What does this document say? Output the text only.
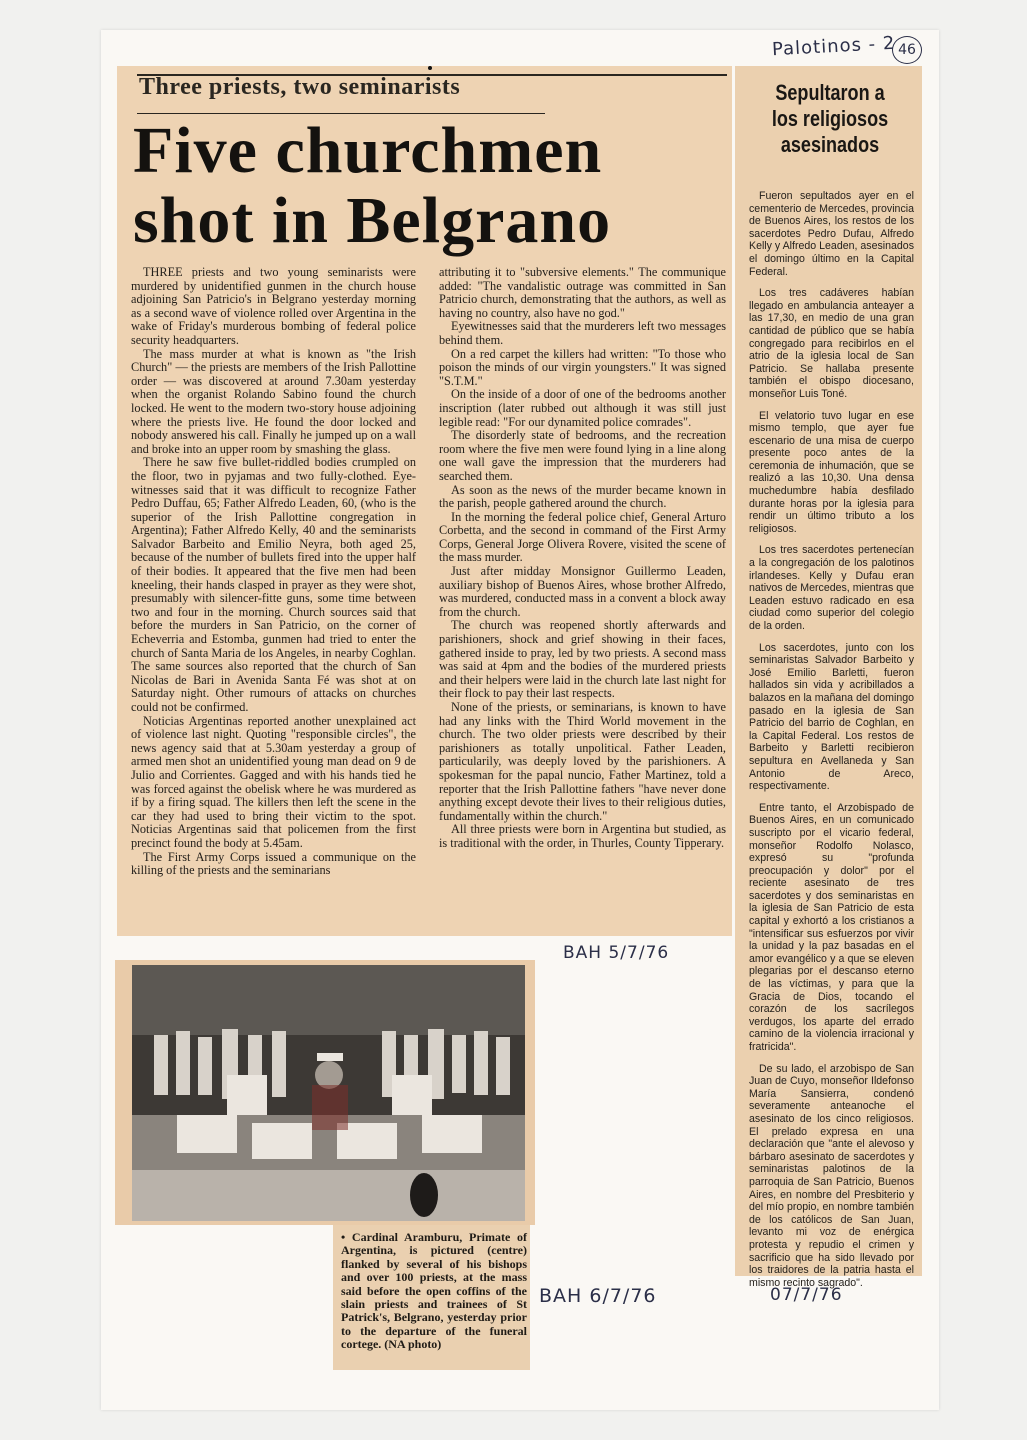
Palotinos - 2 46
BAH 5/7/76
BAH 6/7/76	07/7/76
Three priests, two seminarists
Five churchmen shot in Belgrano

THREE priests and two young seminarists were murdered by unidentified gunmen in the church house adjoining San Patricio's in Belgrano yesterday morning as a second wave of violence rolled over Argentina in the wake of Friday's murderous bombing of federal police security headquarters.

The mass murder at what is known as "the Irish Church" — the priests are members of the Irish Pallottine order — was discovered at around 7.30am yesterday when the organist Rolando Sabino found the church locked. He went to the modern two-story house adjoining where the priests live. He found the door locked and nobody answered his call. Finally he jumped up on a wall and broke into an upper room by smashing the glass.

There he saw five bullet-riddled bodies crumpled on the floor, two in pyjamas and two fully-clothed. Eye-witnesses said that it was difficult to recognize Father Pedro Duffau, 65; Father Alfredo Leaden, 60, (who is the superior of the Irish Pallottine congregation in Argentina); Father Alfredo Kelly, 40 and the seminarists Salvador Barbeito and Emilio Neyra, both aged 25, because of the number of bullets fired into the upper half of their bodies. It appeared that the five men had been kneeling, their hands clasped in prayer as they were shot, presumably with silencer-fitte guns, some time between two and four in the morning. Church sources said that before the murders in San Patricio, on the corner of Echeverria and Estomba, gunmen had tried to enter the church of Santa Maria de los Angeles, in nearby Coghlan. The same sources also reported that the church of San Nicolas de Bari in Avenida Santa Fé was shot at on Saturday night. Other rumours of attacks on churches could not be confirmed.

Noticias Argentinas reported another unexplained act of violence last night. Quoting "responsible circles", the news agency said that at 5.30am yesterday a group of armed men shot an unidentified young man dead on 9 de Julio and Corrientes. Gagged and with his hands tied he was forced against the obelisk where he was murdered as if by a firing squad. The killers then left the scene in the car they had used to bring their victim to the spot. Noticias Argentinas said that policemen from the first precinct found the body at 5.45am.

The First Army Corps issued a communique on the killing of the priests and the seminarians

attributing it to "subversive elements." The communique added: "The vandalistic outrage was committed in San Patricio church, demonstrating that the authors, as well as having no country, also have no god."

Eyewitnesses said that the murderers left two messages behind them.

On a red carpet the killers had written: "To those who poison the minds of our virgin youngsters." It was signed "S.T.M."

On the inside of a door of one of the bedrooms another inscription (later rubbed out although it was still just legible read: "For our dynamited police comrades".

The disorderly state of bedrooms, and the recreation room where the five men were found lying in a line along one wall gave the impression that the murderers had searched them.

As soon as the news of the murder became known in the parish, people gathered around the church.

In the morning the federal police chief, General Arturo Corbetta, and the second in command of the First Army Corps, General Jorge Olivera Rovere, visited the scene of the mass murder.

Just after midday Monsignor Guillermo Leaden, auxiliary bishop of Buenos Aires, whose brother Alfredo, was murdered, conducted mass in a convent a block away from the church.

The church was reopened shortly afterwards and parishioners, shock and grief showing in their faces, gathered inside to pray, led by two priests. A second mass was said at 4pm and the bodies of the murdered priests and their helpers were laid in the church late last night for their flock to pay their last respects.

None of the priests, or seminarians, is known to have had any links with the Third World movement in the church. The two older priests were described by their parishioners as totally unpolitical. Father Leaden, particularily, was deeply loved by the parishioners. A spokesman for the papal nuncio, Father Martinez, told a reporter that the Irish Pallottine fathers "have never done anything except devote their lives to their religious duties, fundamentally within the church."

All three priests were born in Argentina but studied, as is traditional with the order, in Thurles, County Tipperary.

Sepultaron a los religiosos asesinados

Fueron sepultados ayer en el cementerio de Mercedes, provincia de Buenos Aires, los restos de los sacerdotes Pedro Dufau, Alfredo Kelly y Alfredo Leaden, asesinados el domingo último en la Capital Federal.

Los tres cadáveres habían llegado en ambulancia anteayer a las 17,30, en medio de una gran cantidad de público que se había congregado para recibirlos en el atrio de la iglesia local de San Patricio. Se hallaba presente también el obispo diocesano, monseñor Luis Toné.

El velatorio tuvo lugar en ese mismo templo, que ayer fue escenario de una misa de cuerpo presente poco antes de la ceremonia de inhumación, que se realizó a las 10,30. Una densa muchedumbre había desfilado durante horas por la iglesia para rendir un último tributo a los religiosos.

Los tres sacerdotes pertenecían a la congregación de los palotinos irlandeses. Kelly y Dufau eran nativos de Mercedes, mientras que Leaden estuvo radicado en esa ciudad como superior del colegio de la orden.

Los sacerdotes, junto con los seminaristas Salvador Barbeito y José Emilio Barletti, fueron hallados sin vida y acribillados a balazos en la mañana del domingo pasado en la iglesia de San Patricio del barrio de Coghlan, en la Capital Federal. Los restos de Barbeito y Barletti recibieron sepultura en Avellaneda y San Antonio de Areco, respectivamente.

Entre tanto, el Arzobispado de Buenos Aires, en un comunicado suscripto por el vicario federal, monseñor Rodolfo Nolasco, expresó su "profunda preocupación y dolor" por el reciente asesinato de tres sacerdotes y dos seminaristas en la iglesia de San Patricio de esta capital y exhortó a los cristianos a "intensificar sus esfuerzos por vivir la unidad y la paz basadas en el amor evangélico y a que se eleven plegarias por el descanso eterno de las víctimas, y para que la Gracia de Dios, tocando el corazón de los sacrílegos verdugos, los aparte del errado camino de la violencia irracional y fratricida".

De su lado, el arzobispo de San Juan de Cuyo, monseñor Ildefonso María Sansierra, condenó severamente anteanoche el asesinato de los cinco religiosos. El prelado expresa en una declaración que "ante el alevoso y bárbaro asesinato de sacerdotes y seminaristas palotinos de la parroquia de San Patricio, Buenos Aires, en nombre del Presbiterio y del mío propio, en nombre también de los católicos de San Juan, levanto mi voz de enérgica protesta y repudio el crimen y sacrificio que ha sido llevado por los traidores de la patria hasta el mismo recinto sagrado".

• Cardinal Aramburu, Primate of Argentina, is pictured (centre) flanked by several of his bishops and over 100 priests, at the mass said before the open coffins of the slain priests and trainees of St Patrick's, Belgrano, yesterday prior to the departure of the funeral cortege. (NA photo)
